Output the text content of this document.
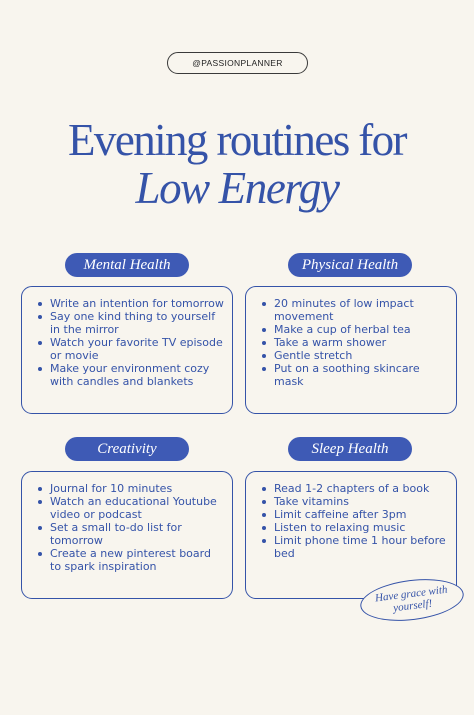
@PASSIONPLANNER
Evening routines for
Low Energy
Mental Health
Write an intention for tomorrow
Say one kind thing to yourself in the mirror
Watch your favorite TV episode or movie
Make your environment cozy with candles and blankets
Physical Health
20 minutes of low impact movement
Make a cup of herbal tea
Take a warm shower
Gentle stretch
Put on a soothing skincare mask
Creativity
Journal for 10 minutes
Watch an educational Youtube video or podcast
Set a small to-do list for tomorrow
Create a new pinterest board to spark inspiration
Sleep Health
Read 1-2 chapters of a book
Take vitamins
Limit caffeine after 3pm
Listen to relaxing music
Limit phone time 1 hour before bed
Have grace with yourself!
